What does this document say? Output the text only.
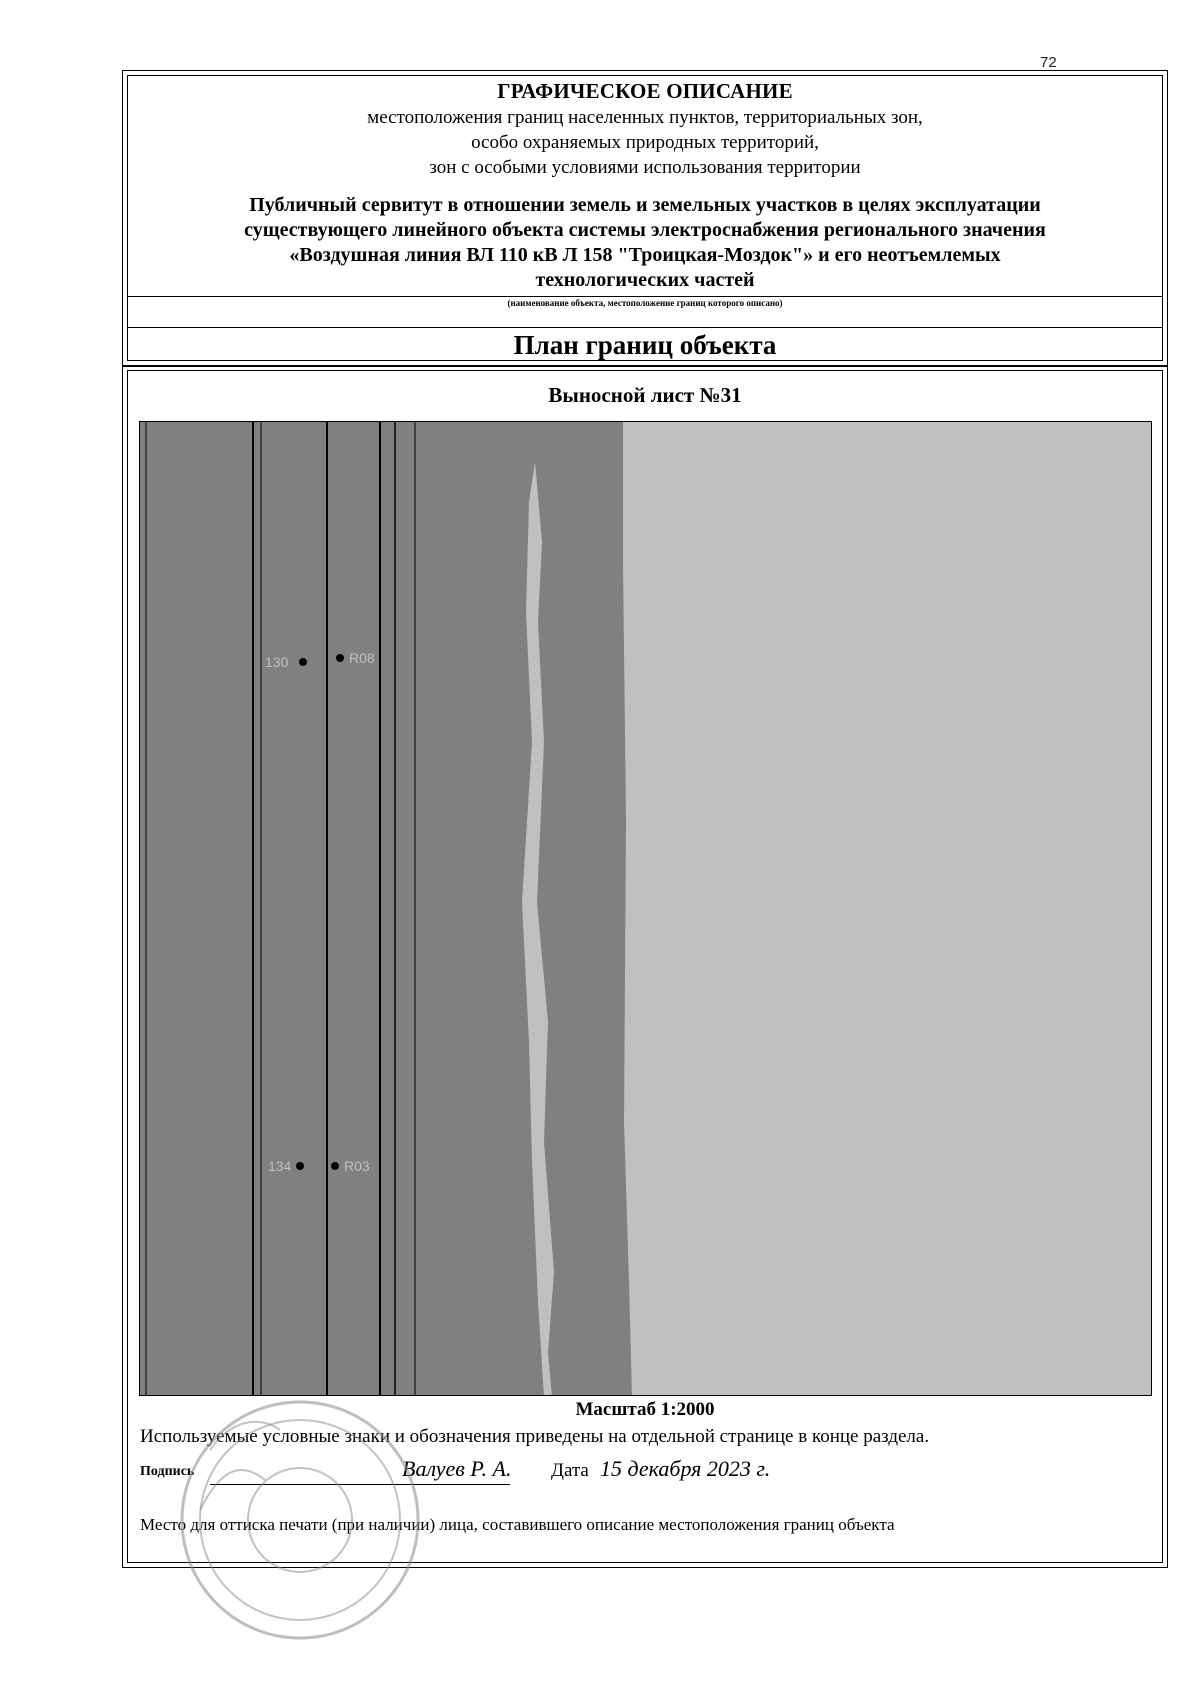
72
ГРАФИЧЕСКОЕ ОПИСАНИЕ
местоположения границ населенных пунктов, территориальных зон,
особо охраняемых природных территорий,
зон с особыми условиями использования территории
Публичный сервитут в отношении земель и земельных участков в целях эксплуатации
существующего линейного объекта системы электроснабжения регионального значения
«Воздушная линия ВЛ 110 кВ Л 158 "Троицкая-Моздок"» и его неотъемлемых
технологических частей
(наименование объекта, местоположение границ которого описано)
План границ объекта
Выносной лист №31
130	R08
134	R03
Масштаб 1:2000
Используемые условные знаки и обозначения приведены на отдельной странице в конце раздела.
Подпись	Валуев Р. А. Дата 15 декабря 2023 г.
Место для оттиска печати (при наличии) лица, составившего описание местоположения границ объекта
